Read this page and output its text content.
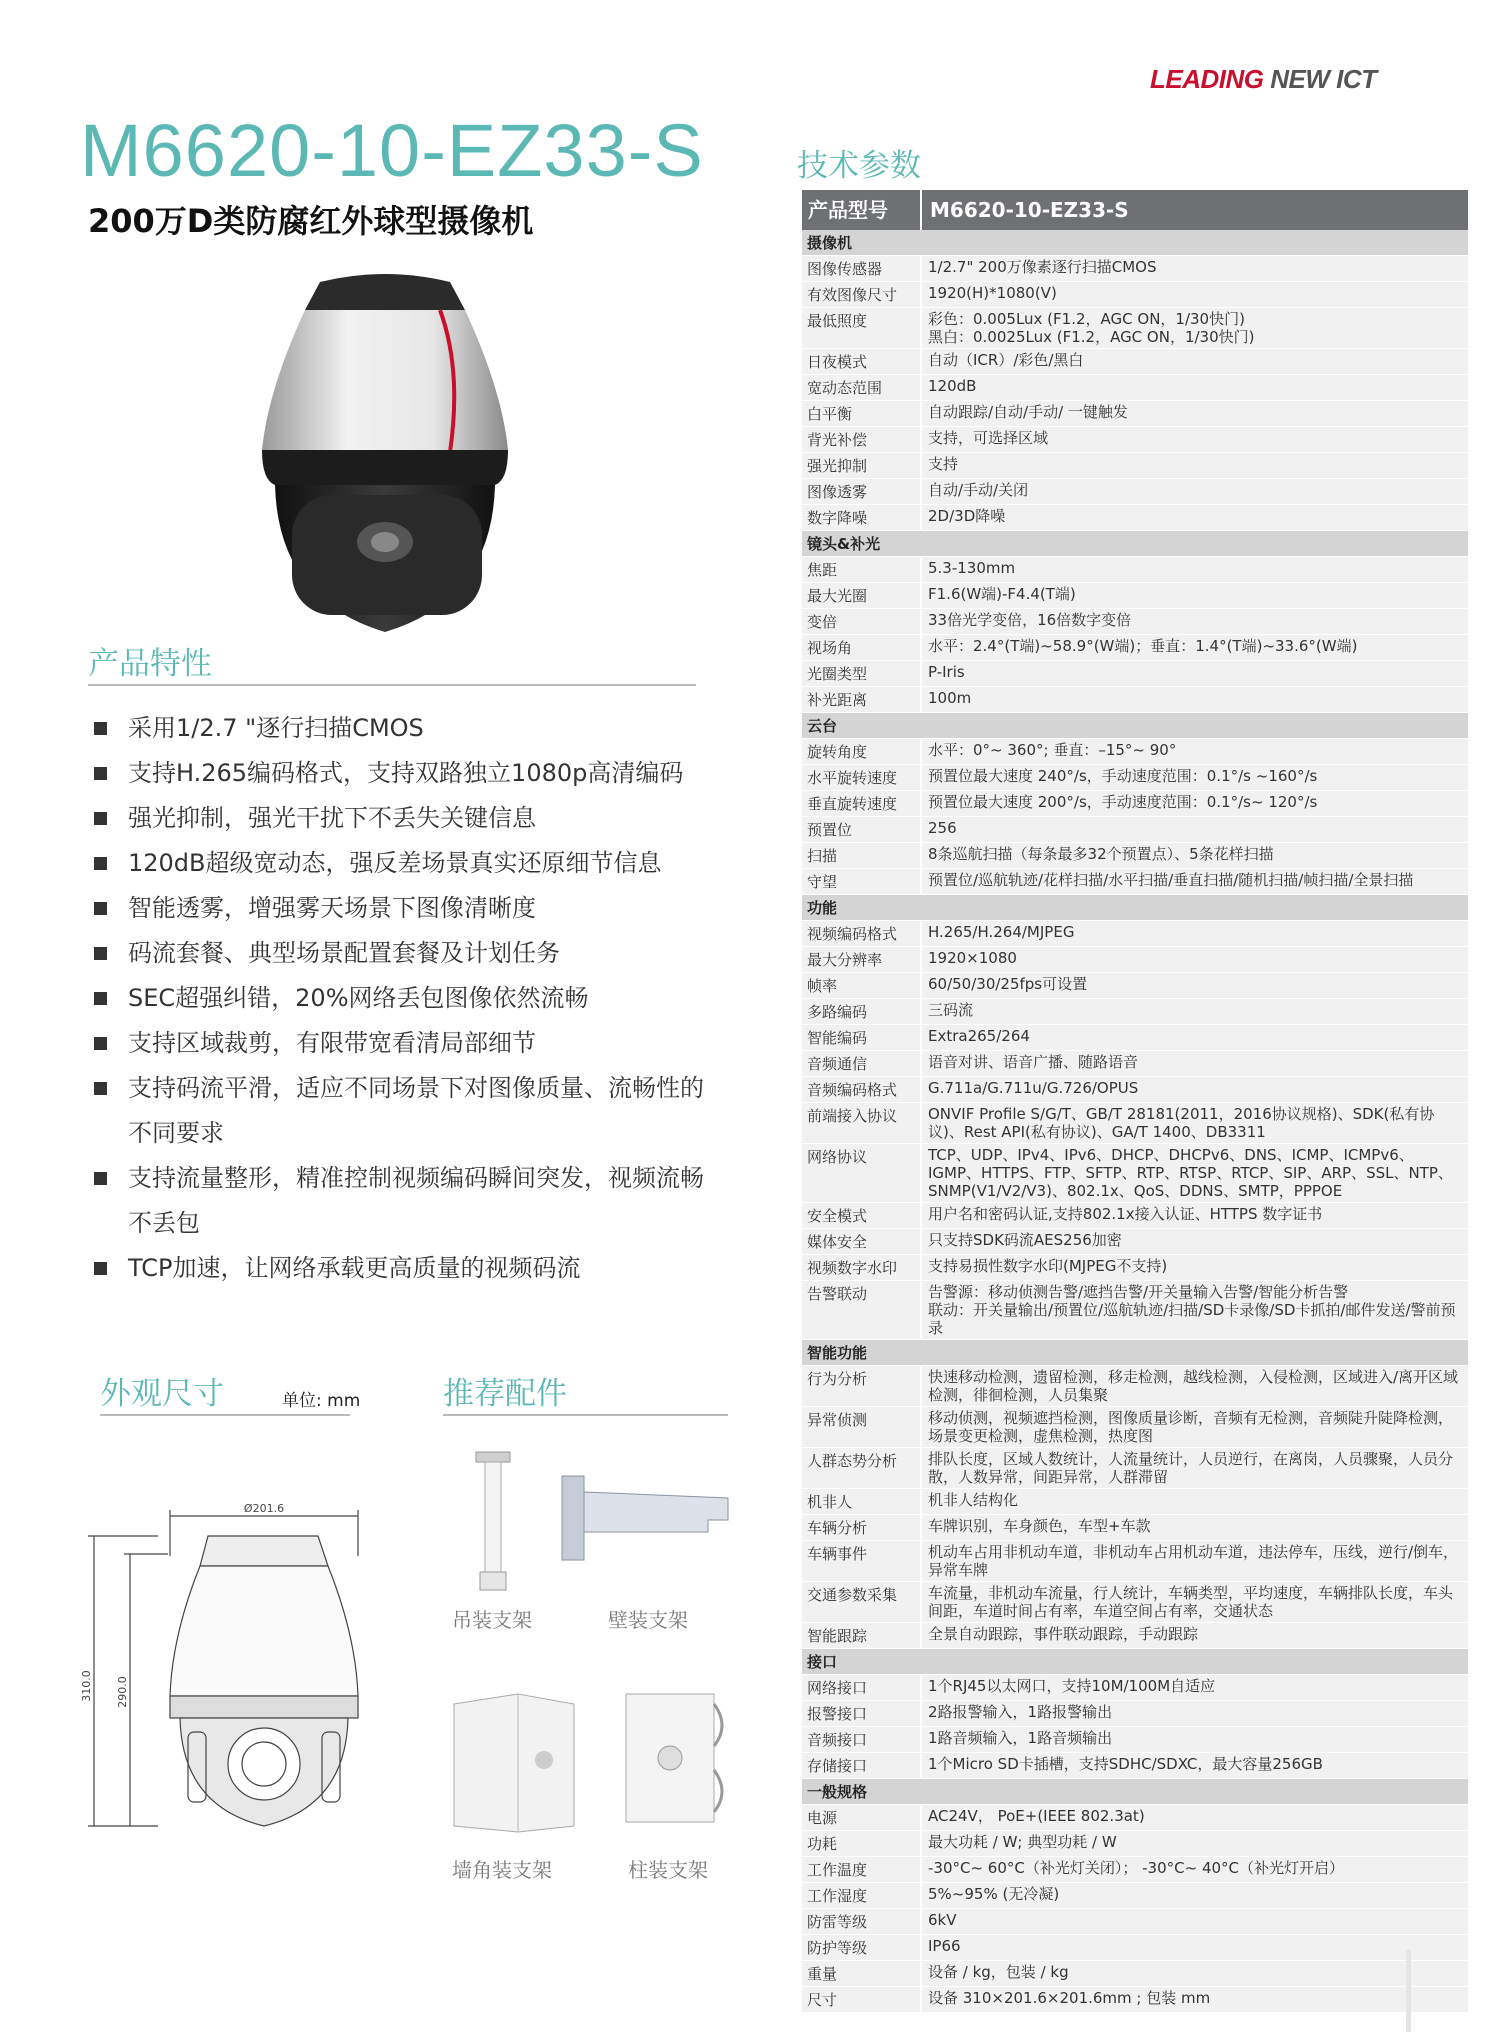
LEADING NEW ICT
M6620-10-EZ33-S
200万D类防腐红外球型摄像机
产品特性
采用1/2.7 "逐行扫描CMOS
支持H.265编码格式，支持双路独立1080p高清编码
强光抑制，强光干扰下不丢失关键信息
120dB超级宽动态，强反差场景真实还原细节信息
智能透雾，增强雾天场景下图像清晰度
码流套餐、典型场景配置套餐及计划任务
SEC超强纠错，20%网络丢包图像依然流畅
支持区域裁剪，有限带宽看清局部细节
支持码流平滑，适应不同场景下对图像质量、流畅性的不同要求
支持流量整形，精准控制视频编码瞬间突发，视频流畅不丢包
TCP加速，让网络承载更高质量的视频码流
外观尺寸	单位: mm
Ø201.6
310.0 290.0
推荐配件
吊装支架	壁装支架
墙角装支架	柱装支架
技术参数
产品型号	M6620-10-EZ33-S
摄像机
图像传感器	1/2.7" 200万像素逐行扫描CMOS
有效图像尺寸	1920(H)*1080(V)
最低照度	彩色：0.005Lux (F1.2，AGC ON，1/30快门)
黑白：0.0025Lux (F1.2，AGC ON，1/30快门)
日夜模式	自动（ICR）/彩色/黑白
宽动态范围	120dB
白平衡	自动跟踪/自动/手动/ 一键触发
背光补偿	支持，可选择区域
强光抑制	支持
图像透雾	自动/手动/关闭
数字降噪	2D/3D降噪
镜头&补光
焦距	5.3-130mm
最大光圈	F1.6(W端)-F4.4(T端)
变倍	33倍光学变倍，16倍数字变倍
视场角	水平：2.4°(T端)~58.9°(W端)；垂直：1.4°(T端)~33.6°(W端)
光圈类型	P-Iris
补光距离	100m
云台
旋转角度	水平：0°~ 360°; 垂直：–15°~ 90°
水平旋转速度	预置位最大速度 240°/s，手动速度范围：0.1°/s ~160°/s
垂直旋转速度	预置位最大速度 200°/s，手动速度范围：0.1°/s~ 120°/s
预置位	256
扫描	8条巡航扫描（每条最多32个预置点）、5条花样扫描
守望	预置位/巡航轨迹/花样扫描/水平扫描/垂直扫描/随机扫描/帧扫描/全景扫描
功能
视频编码格式	H.265/H.264/MJPEG
最大分辨率	1920×1080
帧率	60/50/30/25fps可设置
多路编码	三码流
智能编码	Extra265/264
音频通信	语音对讲、语音广播、随路语音
音频编码格式	G.711a/G.711u/G.726/OPUS
前端接入协议	ONVIF Profile S/G/T、GB/T 28181(2011，2016协议规格)、SDK(私有协议)、Rest API(私有协议)、GA/T 1400、DB3311
网络协议	TCP、UDP、IPv4、IPv6、DHCP、DHCPv6、DNS、ICMP、ICMPv6、IGMP、HTTPS、FTP、SFTP、RTP、RTSP、RTCP、SIP、ARP、SSL、NTP、SNMP(V1/V2/V3)、802.1x、QoS、DDNS、SMTP，PPPOE
安全模式	用户名和密码认证,支持802.1x接入认证、HTTPS 数字证书
媒体安全	只支持SDK码流AES256加密
视频数字水印	支持易损性数字水印(MJPEG不支持)
告警联动	告警源：移动侦测告警/遮挡告警/开关量输入告警/智能分析告警
联动：开关量输出/预置位/巡航轨迹/扫描/SD卡录像/SD卡抓拍/邮件发送/警前预录
智能功能
行为分析	快速移动检测，遗留检测，移走检测，越线检测，入侵检测，区域进入/离开区域检测，徘徊检测，人员集聚
异常侦测	移动侦测，视频遮挡检测，图像质量诊断，音频有无检测，音频陡升陡降检测，场景变更检测，虚焦检测，热度图
人群态势分析	排队长度，区域人数统计，人流量统计，人员逆行，在离岗，人员骤聚，人员分散，人数异常，间距异常，人群滞留
机非人	机非人结构化
车辆分析	车牌识别，车身颜色，车型+车款
车辆事件	机动车占用非机动车道，非机动车占用机动车道，违法停车，压线，逆行/倒车，异常车牌
交通参数采集	车流量，非机动车流量，行人统计，车辆类型，平均速度，车辆排队长度，车头间距，车道时间占有率，车道空间占有率，交通状态
智能跟踪	全景自动跟踪，事件联动跟踪，手动跟踪
接口
网络接口	1个RJ45以太网口，支持10M/100M自适应
报警接口	2路报警输入，1路报警输出
音频接口	1路音频输入，1路音频输出
存储接口	1个Micro SD卡插槽，支持SDHC/SDXC，最大容量256GB
一般规格
电源	AC24V， PoE+(IEEE 802.3at)
功耗	最大功耗 / W; 典型功耗 / W
工作温度	-30°C~ 60°C（补光灯关闭）； -30°C~ 40°C（补光灯开启）
工作湿度	5%~95% (无冷凝)
防雷等级	6kV
防护等级	IP66
重量	设备 / kg，包装 / kg
尺寸	设备 310×201.6×201.6mm ; 包装 mm
